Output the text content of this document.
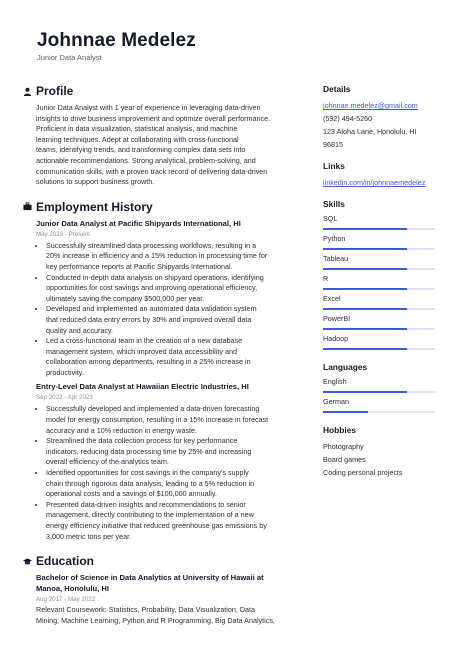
Johnnae Medelez
Junior Data Analyst
Profile
Junior Data Analyst with 1 year of experience in leveraging data-driven
insights to drive business improvement and optimize overall performance.
Proficient in data visualization, statistical analysis, and machine
learning techniques. Adept at collaborating with cross-functional
teams, identifying trends, and transforming complex data sets into
actionable recommendations. Strong analytical, problem-solving, and
communication skills, with a proven track record of delivering data-driven
solutions to support business growth.
Employment History
Junior Data Analyst at Pacific Shipyards International, HI
May 2023 - Present
• Successfully streamlined data processing workflows, resulting in a
20% increase in efficiency and a 15% reduction in processing time for
key performance reports at Pacific Shipyards International.
• Conducted in-depth data analysis on shipyard operations, identifying
opportunities for cost savings and improving operational efficiency,
ultimately saving the company $500,000 per year.
• Developed and implemented an automated data validation system
that reduced data entry errors by 30% and improved overall data
quality and accuracy.
• Led a cross-functional team in the creation of a new database
management system, which improved data accessibility and
collaboration among departments, resulting in a 25% increase in
productivity.
Entry-Level Data Analyst at Hawaiian Electric Industries, HI
Sep 2022 - Apr 2023
• Successfully developed and implemented a data-driven forecasting
model for energy consumption, resulting in a 15% increase in forecast
accuracy and a 10% reduction in energy waste.
• Streamlined the data collection process for key performance
indicators, reducing data processing time by 25% and increasing
overall efficiency of the analytics team.
• Identified opportunities for cost savings in the company's supply
chain through rigorous data analysis, leading to a 5% reduction in
operational costs and a savings of $100,000 annually.
• Presented data-driven insights and recommendations to senior
management, directly contributing to the implementation of a new
energy efficiency initiative that reduced greenhouse gas emissions by
3,000 metric tons per year.
Education
Bachelor of Science in Data Analytics at University of Hawaii at
Manoa, Honolulu, HI
Aug 2017 - May 2022
Relevant Coursework: Statistics, Probability, Data Visualization, Data
Mining, Machine Learning, Python and R Programming, Big Data Analytics,
Details
johnnae.medelez@gmail.com
(592) 494-5260
123 Aloha Lane, Honolulu, HI 96815
Links
linkedin.com/in/johnnaemedelez
Skills
SQL
Python
Tableau
R
Excel
PowerBI
Hadoop
Languages
English
German
Hobbies
Photography
Board games
Coding personal projects
